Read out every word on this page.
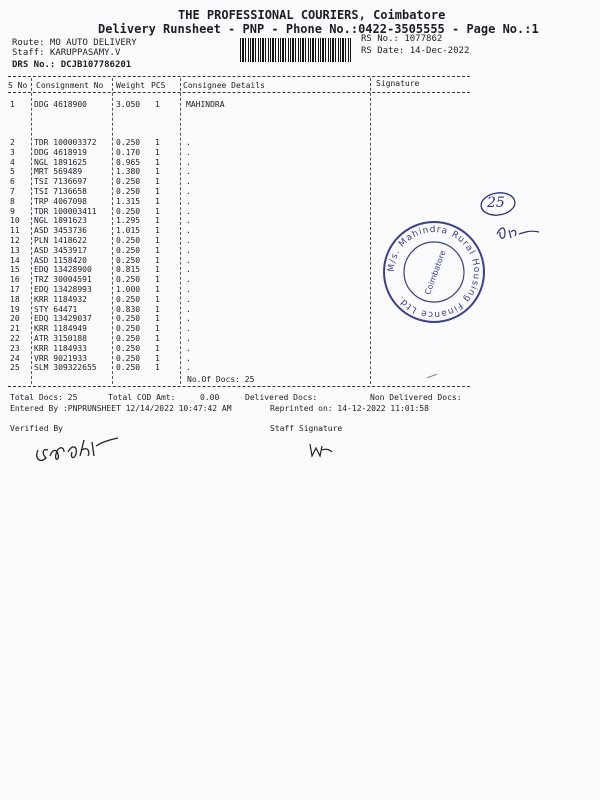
THE PROFESSIONAL COURIERS, Coimbatore
Delivery Runsheet - PNP - Phone No.:0422-3505555 - Page No.:1
Route: MO AUTO DELIVERY
Staff: KARUPPASAMY.V
DRS No.: DCJB107786201
RS No.: 1077862
RS Date: 14-Dec-2022
S No Consignment No Weight PCS Consignee Details	Signature
1 DDG 4618900	3.050 1	MAHINDRA
2 TDR 100003372 0.250 1	.
3 DDG 4618919	0.170 1	.
4 NGL 1891625	0.965 1	.
5 MRT 569489	1.380 1	.
6 TSI 7136697	0.250 1	.
7 TSI 7136658	0.250 1	.
8 TRP 4067098	1.315 1	.
9 TDR 100003411 0.250 1	.
10 NGL 1891623	1.295 1	.
11 ASD 3453736	1.015 1	.
12 PLN 1418622	0.250 1	.
13 ASD 3453917	0.250 1	.
14 ASD 1158420	0.250 1	.
15 EDQ 13428900	0.815 1	.
16 TRZ 30004591	0.250 1	.
17 EDQ 13428993	1.000 1	.
18 KRR 1184932	0.250 1	.
19 STY 64471	0.830 1	.
20 EDQ 13429037	0.250 1	.
21 KRR 1184949	0.250 1	.
22 ATR 3150188	0.250 1	.
23 KRR 1184933	0.250 1	.
24 VRR 9021933	0.250 1	.
25 SLM 309322655 0.250 1	.
No.Of Docs: 25
Total Docs: 25	Total COD Amt:	0.00	Delivered Docs:	Non Delivered Docs:
Entered By :PNPRUNSHEET 12/14/2022 10:47:42 AM	Reprinted on: 14-12-2022 11:01:58
Verified By	Staff Signature
25
M/s. Mahindra Rural Housing Finance Ltd.
Coimbatore
